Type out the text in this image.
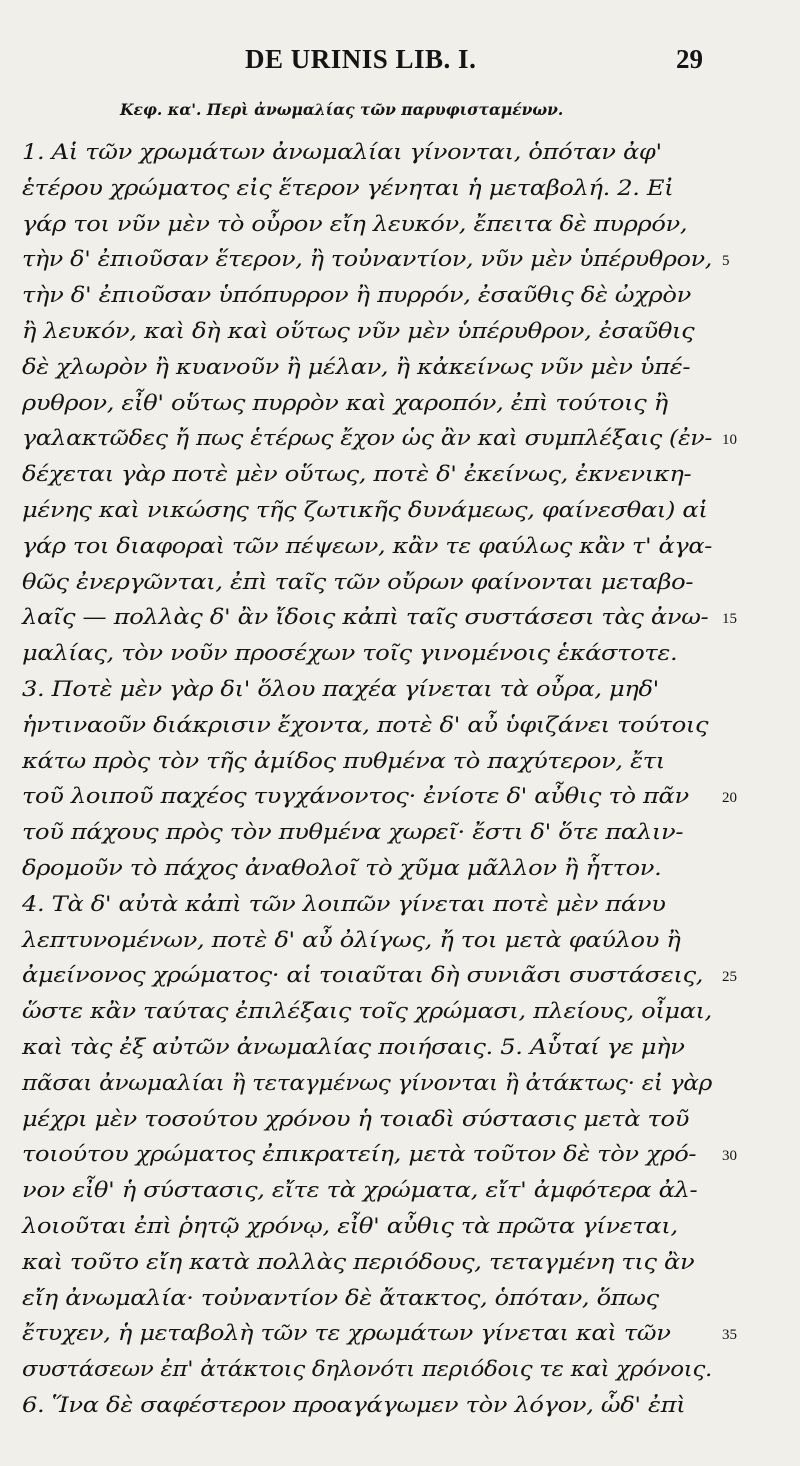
DE URINIS LIB. I.	29
Κεφ. κα'. Περὶ ἀνωμαλίας τῶν παρυφισταμένων.
1. Αἱ τῶν χρωμάτων ἀνωμαλίαι γίνονται, ὁπόταν ἀφ'
ἑτέρου χρώματος εἰς ἕτερον γένηται ἡ μεταβολή. 2. Εἰ
γάρ τοι νῦν μὲν τὸ οὖρον εἴη λευκόν, ἔπειτα δὲ πυρρόν,
τὴν δ' ἐπιοῦσαν ἕτερον, ἢ τοὐναντίον, νῦν μὲν ὑπέρυθρον, 5
τὴν δ' ἐπιοῦσαν ὑπόπυρρον ἢ πυρρόν, ἐσαῦθις δὲ ὠχρὸν
ἢ λευκόν, καὶ δὴ καὶ οὕτως νῦν μὲν ὑπέρυθρον, ἐσαῦθις
δὲ χλωρὸν ἢ κυανοῦν ἢ μέλαν, ἢ κἀκείνως νῦν μὲν ὑπέ-
ρυθρον, εἶθ' οὕτως πυρρὸν καὶ χαροπόν, ἐπὶ τούτοις ἢ
γαλακτῶδες ἤ πως ἑτέρως ἔχον ὡς ἂν καὶ συμπλέξαις (ἐν- 10
δέχεται γὰρ ποτὲ μὲν οὕτως, ποτὲ δ' ἐκείνως, ἐκνενικη-
μένης καὶ νικώσης τῆς ζωτικῆς δυνάμεως, φαίνεσθαι) αἱ
γάρ τοι διαφοραὶ τῶν πέψεων, κἂν τε φαύλως κἂν τ' ἀγα-
θῶς ἐνεργῶνται, ἐπὶ ταῖς τῶν οὔρων φαίνονται μεταβο-
λαῖς — πολλὰς δ' ἂν ἴδοις κἀπὶ ταῖς συστάσεσι τὰς ἀνω- 15
μαλίας, τὸν νοῦν προσέχων τοῖς γινομένοις ἑκάστοτε.
3. Ποτὲ μὲν γὰρ δι' ὅλου παχέα γίνεται τὰ οὖρα, μηδ'
ἡντιναοῦν διάκρισιν ἔχοντα, ποτὲ δ' αὖ ὑφιζάνει τούτοις
κάτω πρὸς τὸν τῆς ἀμίδος πυθμένα τὸ παχύτερον, ἔτι
τοῦ λοιποῦ παχέος τυγχάνοντος· ἐνίοτε δ' αὖθις τὸ πᾶν 20
τοῦ πάχους πρὸς τὸν πυθμένα χωρεῖ· ἔστι δ' ὅτε παλιν-
δρομοῦν τὸ πάχος ἀναθολοῖ τὸ χῦμα μᾶλλον ἢ ἧττον.
4. Τὰ δ' αὐτὰ κἀπὶ τῶν λοιπῶν γίνεται ποτὲ μὲν πάνυ
λεπτυνομένων, ποτὲ δ' αὖ ὀλίγως, ἤ τοι μετὰ φαύλου ἢ
ἀμείνονος χρώματος· αἱ τοιαῦται δὴ συνιᾶσι συστάσεις, 25
ὥστε κἂν ταύτας ἐπιλέξαις τοῖς χρώμασι, πλείους, οἶμαι,
καὶ τὰς ἐξ αὐτῶν ἀνωμαλίας ποιήσαις. 5. Αὗταί γε μὴν
πᾶσαι ἀνωμαλίαι ἢ τεταγμένως γίνονται ἢ ἀτάκτως· εἰ γὰρ
μέχρι μὲν τοσούτου χρόνου ἡ τοιαδὶ σύστασις μετὰ τοῦ
τοιούτου χρώματος ἐπικρατείη, μετὰ τοῦτον δὲ τὸν χρό- 30
νον εἶθ' ἡ σύστασις, εἴτε τὰ χρώματα, εἴτ' ἀμφότερα ἀλ-
λοιοῦται ἐπὶ ῥητῷ χρόνῳ, εἶθ' αὖθις τὰ πρῶτα γίνεται,
καὶ τοῦτο εἴη κατὰ πολλὰς περιόδους, τεταγμένη τις ἂν
εἴη ἀνωμαλία· τοὐναντίον δὲ ἄτακτος, ὁπόταν, ὅπως
ἔτυχεν, ἡ μεταβολὴ τῶν τε χρωμάτων γίνεται καὶ τῶν	35
συστάσεων ἐπ' ἀτάκτοις δηλονότι περιόδοις τε καὶ χρόνοις.
6. Ἵνα δὲ σαφέστερον προαγάγωμεν τὸν λόγον, ὧδ' ἐπὶ
